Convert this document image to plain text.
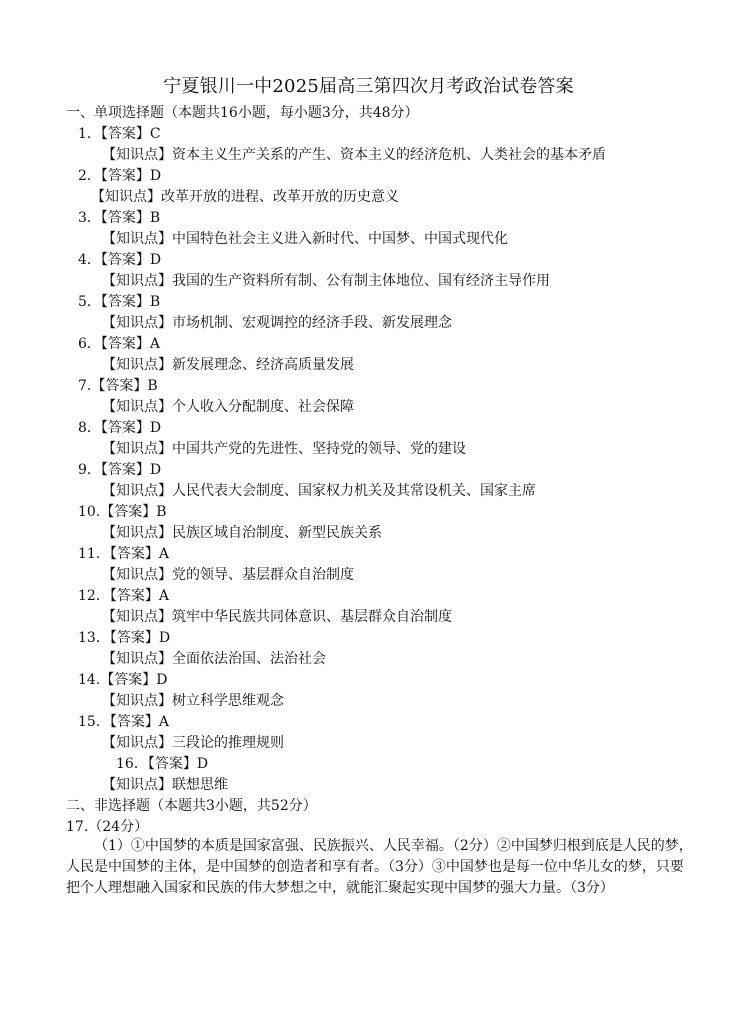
宁夏银川一中2025届高三第四次月考政治试卷答案
一、单项选择题（本题共16小题，每小题3分，共48分）
1．【答案】C
【知识点】资本主义生产关系的产生、资本主义的经济危机、人类社会的基本矛盾
2．【答案】D
【知识点】改革开放的进程、改革开放的历史意义
3．【答案】B
【知识点】中国特色社会主义进入新时代、中国梦、中国式现代化
4．【答案】D
【知识点】我国的生产资料所有制、公有制主体地位、国有经济主导作用
5．【答案】B
【知识点】市场机制、宏观调控的经济手段、新发展理念
6．【答案】A
【知识点】新发展理念、经济高质量发展
7.【答案】B
【知识点】个人收入分配制度、社会保障
8．【答案】D
【知识点】中国共产党的先进性、坚持党的领导、党的建设
9．【答案】D
【知识点】人民代表大会制度、国家权力机关及其常设机关、国家主席
10.【答案】B
【知识点】民族区域自治制度、新型民族关系
11．【答案】A
【知识点】党的领导、基层群众自治制度
12．【答案】A
【知识点】筑牢中华民族共同体意识、基层群众自治制度
13．【答案】D
【知识点】全面依法治国、法治社会
14.【答案】D
【知识点】树立科学思维观念
15．【答案】A
【知识点】三段论的推理规则
16．【答案】D
【知识点】联想思维
二、非选择题（本题共3小题，共52分）
17.（24分）
（1）①中国梦的本质是国家富强、民族振兴、人民幸福。（2分）②中国梦归根到底是人民的梦，人民是中国梦的主体，是中国梦的创造者和享有者。（3分）③中国梦也是每一位中华儿女的梦，只要把个人理想融入国家和民族的伟大梦想之中，就能汇聚起实现中国梦的强大力量。（3分）
